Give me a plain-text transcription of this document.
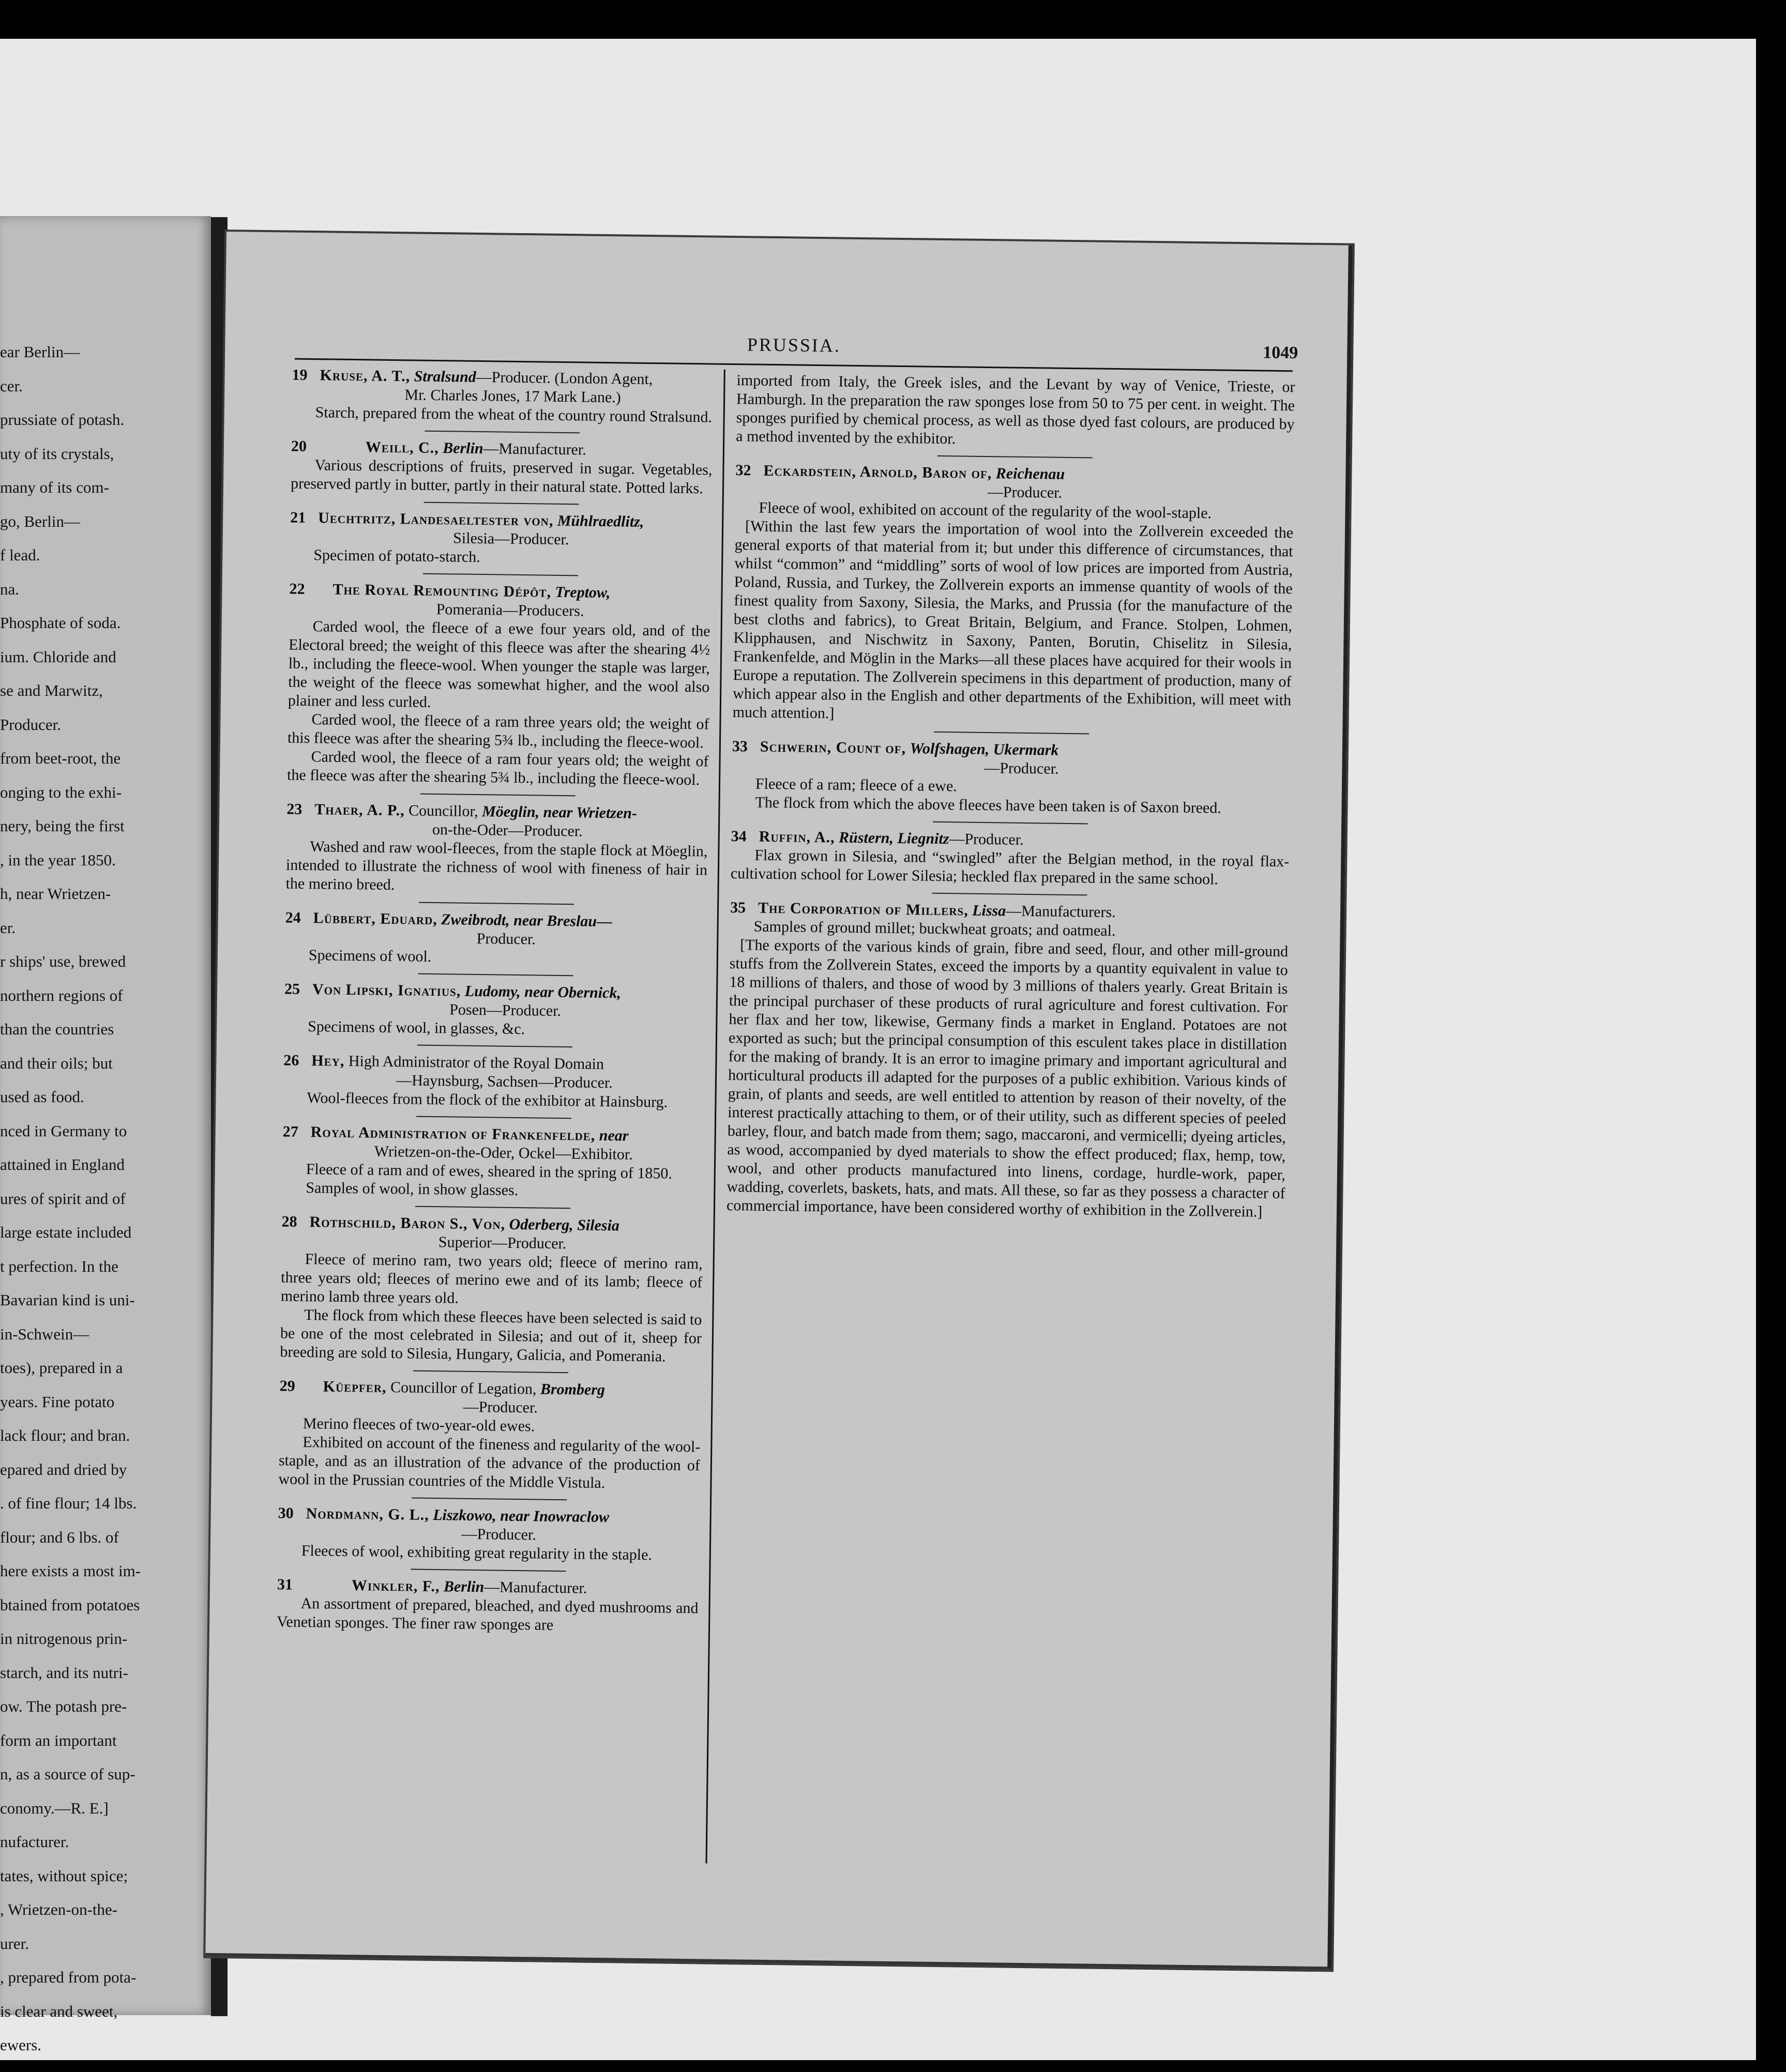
ear Berlin—
cer.
prussiate of potash.
uty of its crystals,
many of its com-
go, Berlin—
f lead.
na.
Phosphate of soda.
ium. Chloride and
se and Marwitz,
Producer.
from beet-root, the
onging to the exhi-
nery, being the first
, in the year 1850.
h, near Wrietzen-
er.
r ships' use, brewed
northern regions of
than the countries
and their oils; but
used as food.
nced in Germany to
attained in England
ures of spirit and of
large estate included
t perfection. In the
Bavarian kind is uni-
in-Schwein—
toes), prepared in a
years. Fine potato
lack flour; and bran.
epared and dried by
. of fine flour; 14 lbs.
flour; and 6 lbs. of
here exists a most im-
btained from potatoes
in nitrogenous prin-
starch, and its nutri-
ow. The potash pre-
form an important
n, as a source of sup-
conomy.—R. E.]
nufacturer.
tates, without spice;
, Wrietzen-on-the-
urer.
, prepared from pota-
is clear and sweet,
ewers.
PRUSSIA.	1049
19 Kruse, A. T., Stralsund—Producer. (London Agent,
Mr. Charles Jones, 17 Mark Lane.)
Starch, prepared from the wheat of the country round Stralsund.
20   	Weill, C., Berlin—Manufacturer.
Various descriptions of fruits, preserved in sugar. Vegetables, preserved partly in butter, partly in their natural state. Potted larks.
21 Uechtritz, Landesaeltester von, Mühlraedlitz,
Silesia—Producer.
Specimen of potato-starch.
22  The Royal Remounting Dépôt, Treptow,
Pomerania—Producers.
Carded wool, the fleece of a ewe four years old, and of the Electoral breed; the weight of this fleece was after the shearing 4½ lb., including the fleece-wool. When younger the staple was larger, the weight of the fleece was somewhat higher, and the wool also plainer and less curled.
Carded wool, the fleece of a ram three years old; the weight of this fleece was after the shearing 5¾ lb., including the fleece-wool.
Carded wool, the fleece of a ram four years old; the weight of the fleece was after the shearing 5¾ lb., including the fleece-wool.
23 Thaer, A. P., Councillor, Möeglin, near Wrietzen-
on-the-Oder—Producer.
Washed and raw wool-fleeces, from the staple flock at Möeglin, intended to illustrate the richness of wool with fineness of hair in the merino breed.
24 Lübbert, Eduard, Zweibrodt, near Breslau—
Producer.
Specimens of wool.
25 Von Lipski, Ignatius, Ludomy, near Obernick,
Posen—Producer.
Specimens of wool, in glasses, &c.
26 Hey, High Administrator of the Royal Domain
—Haynsburg, Sachsen—Producer.
Wool-fleeces from the flock of the exhibitor at Hainsburg.
27 Royal Administration of Frankenfelde, near
Wrietzen-on-the-Oder, Ockel—Exhibitor.
Fleece of a ram and of ewes, sheared in the spring of 1850.
Samples of wool, in show glasses.
28 Rothschild, Baron S., Von, Oderberg, Silesia
Superior—Producer.
Fleece of merino ram, two years old; fleece of merino ram, three years old; fleeces of merino ewe and of its lamb; fleece of merino lamb three years old.
The flock from which these fleeces have been selected is said to be one of the most celebrated in Silesia; and out of it, sheep for breeding are sold to Silesia, Hungary, Galicia, and Pomerania.
29  Küepfer, Councillor of Legation, Bromberg
—Producer.
Merino fleeces of two-year-old ewes.
Exhibited on account of the fineness and regularity of the wool-staple, and as an illustration of the advance of the production of wool in the Prussian countries of the Middle Vistula.
30 Nordmann, G. L., Liszkowo, near Inowraclow
—Producer.
Fleeces of wool, exhibiting great regularity in the staple.
31   	Winkler, F., Berlin—Manufacturer.
An assortment of prepared, bleached, and dyed mushrooms and Venetian sponges. The finer raw sponges are
imported from Italy, the Greek isles, and the Levant by way of Venice, Trieste, or Hamburgh. In the preparation the raw sponges lose from 50 to 75 per cent. in weight. The sponges purified by chemical process, as well as those dyed fast colours, are produced by a method invented by the exhibitor.
32 Eckardstein, Arnold, Baron of, Reichenau
—Producer.
Fleece of wool, exhibited on account of the regularity of the wool-staple.
[Within the last few years the importation of wool into the Zollverein exceeded the general exports of that material from it; but under this difference of circumstances, that whilst “common” and “middling” sorts of wool of low prices are imported from Austria, Poland, Russia, and Turkey, the Zollverein exports an immense quantity of wools of the finest quality from Saxony, Silesia, the Marks, and Prussia (for the manufacture of the best cloths and fabrics), to Great Britain, Belgium, and France. Stolpen, Lohmen, Klipphausen, and Nischwitz in Saxony, Panten, Borutin, Chiselitz in Silesia, Frankenfelde, and Möglin in the Marks—all these places have acquired for their wools in Europe a reputation. The Zollverein specimens in this department of production, many of which appear also in the English and other departments of the Exhibition, will meet with much attention.]
33 Schwerin, Count of, Wolfshagen, Ukermark
—Producer.
Fleece of a ram; fleece of a ewe.
The flock from which the above fleeces have been taken is of Saxon breed.
34 Ruffin, A., Rüstern, Liegnitz—Producer.
Flax grown in Silesia, and “swingled” after the Belgian method, in the royal flax-cultivation school for Lower Silesia; heckled flax prepared in the same school.
35 The Corporation of Millers, Lissa—Manufacturers.
Samples of ground millet; buckwheat groats; and oatmeal.
[The exports of the various kinds of grain, fibre and seed, flour, and other mill-ground stuffs from the Zollverein States, exceed the imports by a quantity equivalent in value to 18 millions of thalers, and those of wood by 3 millions of thalers yearly. Great Britain is the principal purchaser of these products of rural agriculture and forest cultivation. For her flax and her tow, likewise, Germany finds a market in England. Potatoes are not exported as such; but the principal consumption of this esculent takes place in distillation for the making of brandy. It is an error to imagine primary and important agricultural and horticultural products ill adapted for the purposes of a public exhibition. Various kinds of grain, of plants and seeds, are well entitled to attention by reason of their novelty, of the interest practically attaching to them, or of their utility, such as different species of peeled barley, flour, and batch made from them; sago, maccaroni, and vermicelli; dyeing articles, as wood, accompanied by dyed materials to show the effect produced; flax, hemp, tow, wool, and other products manufactured into linens, cordage, hurdle-work, paper, wadding, coverlets, baskets, hats, and mats. All these, so far as they possess a character of commercial importance, have been considered worthy of exhibition in the Zollverein.]
